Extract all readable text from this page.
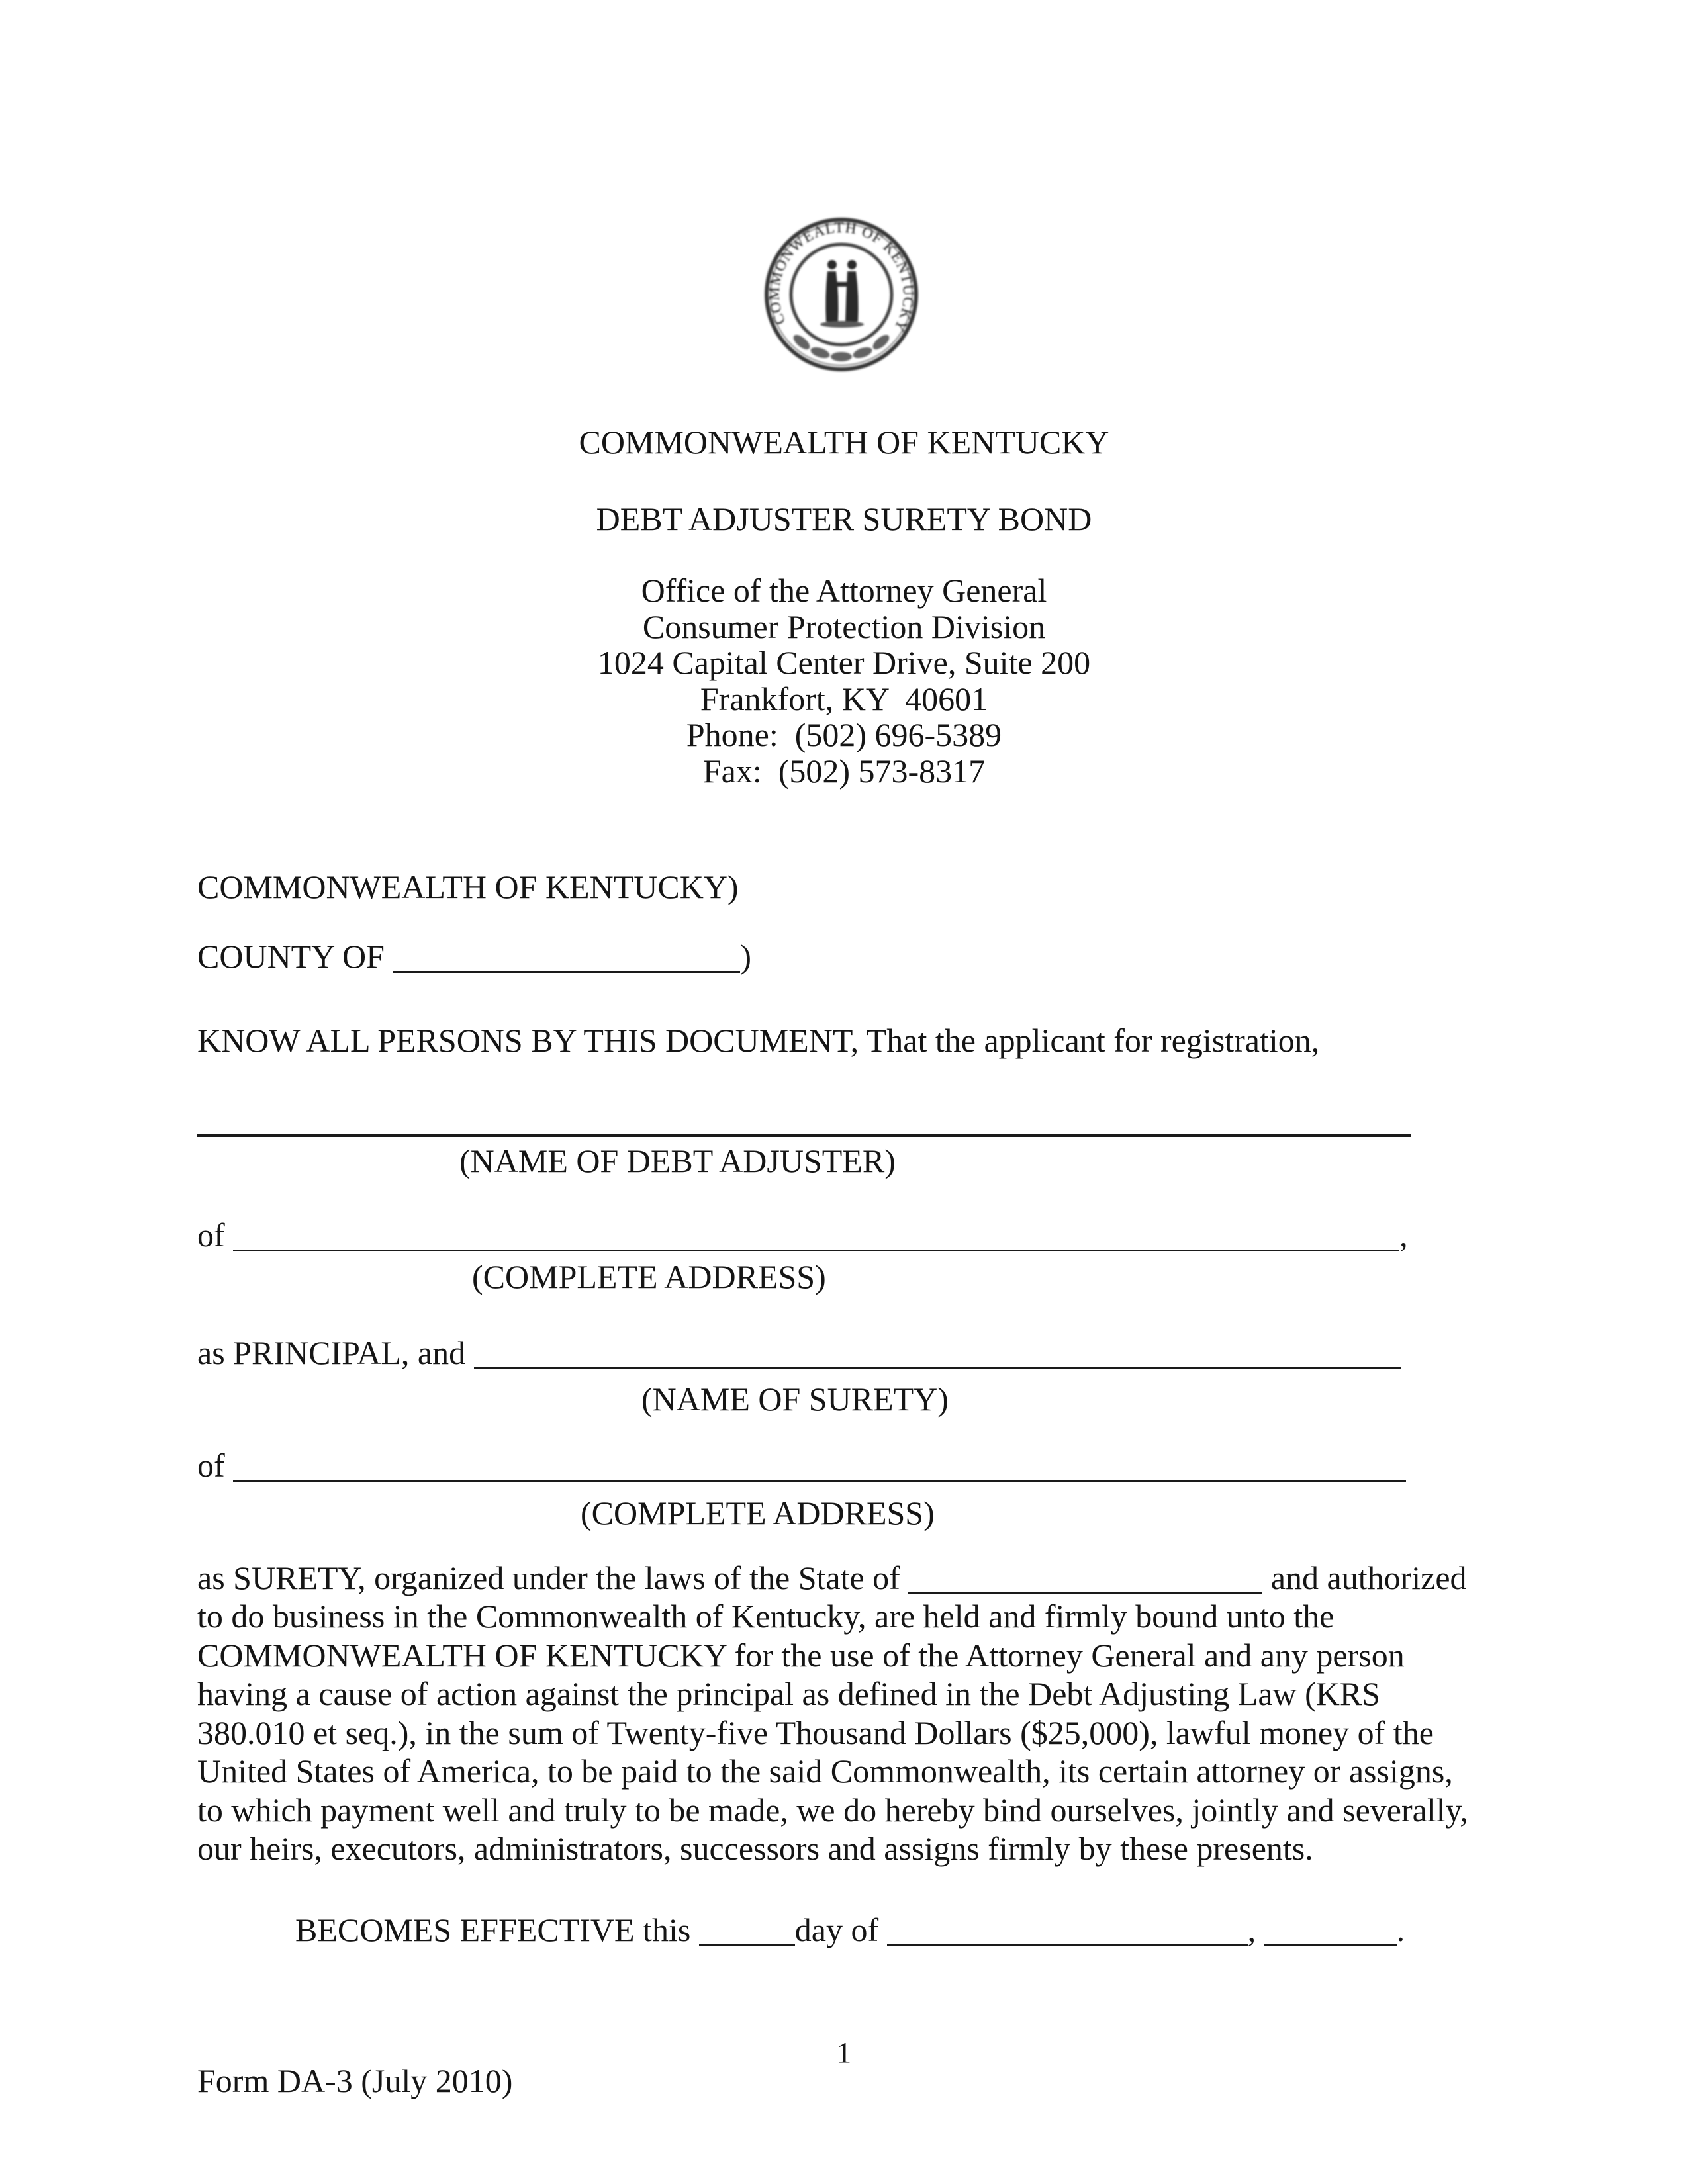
COMMONWEALTH OF KENTUCKY
COMMONWEALTH OF KENTUCKY
DEBT ADJUSTER SURETY BOND
Office of the Attorney General
Consumer Protection Division
1024 Capital Center Drive, Suite 200
Frankfort, KY  40601
Phone:  (502) 696-5389
Fax:  (502) 573-8317
COMMONWEALTH OF KENTUCKY)
COUNTY OF	)
KNOW ALL PERSONS BY THIS DOCUMENT, That the applicant for registration,
(NAME OF DEBT ADJUSTER)
of	,
(COMPLETE ADDRESS)
as PRINCIPAL, and
(NAME OF SURETY)
of
(COMPLETE ADDRESS)
as SURETY, organized under the laws of the State of	and authorized
to do business in the Commonwealth of Kentucky, are held and firmly bound unto the
COMMONWEALTH OF KENTUCKY for the use of the Attorney General and any person
having a cause of action against the principal as defined in the Debt Adjusting Law (KRS
380.010 et seq.), in the sum of Twenty-five Thousand Dollars ($25,000), lawful money of the
United States of America, to be paid to the said Commonwealth, its certain attorney or assigns,
to which payment well and truly to be made, we do hereby bind ourselves, jointly and severally,
our heirs, executors, administrators, successors and assigns firmly by these presents.
BECOMES EFFECTIVE this	day of	,	.
1
Form DA-3 (July 2010)
